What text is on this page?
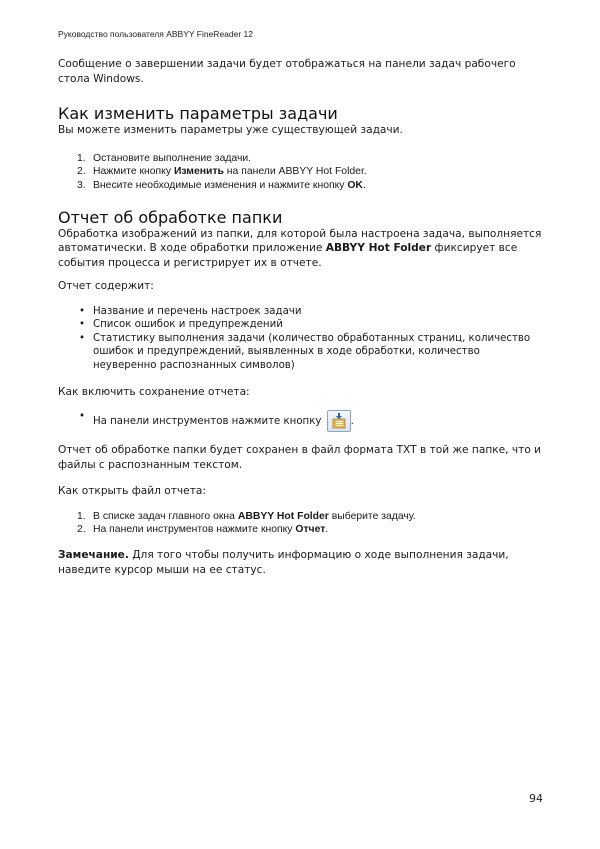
Руководство пользователя ABBYY FineReader 12

Сообщение о завершении задачи будет отображаться на панели задач рабочего стола Windows.

Как изменить параметры задачи

Вы можете изменить параметры уже существующей задачи.

1. Остановите выполнение задачи.
2. Нажмите кнопку Изменить на панели ABBYY Hot Folder.
3. Внесите необходимые изменения и нажмите кнопку OK.
Отчет об обработке папки

Обработка изображений из папки, для которой была настроена задача, выполняется автоматически. В ходе обработки приложение ABBYY Hot Folder фиксирует все события процесса и регистрирует их в отчете.

Отчет содержит:

• Название и перечень настроек задачи
• Список ошибок и предупреждений
• Статистику выполнения задачи (количество обработанных страниц, количество ошибок и предупреждений, выявленных в ходе обработки, количество неуверенно распознанных символов)

Как включить сохранение отчета:

• На панели инструментов нажмите кнопку	.

Отчет об обработке папки будет сохранен в файл формата TXT в той же папке, что и файлы с распознанным текстом.

Как открыть файл отчета:

1. В списке задач главного окна ABBYY Hot Folder выберите задачу.
2. На панели инструментов нажмите кнопку Отчет.

Замечание. Для того чтобы получить информацию о ходе выполнения задачи, наведите курсор мыши на ее статус.

94
